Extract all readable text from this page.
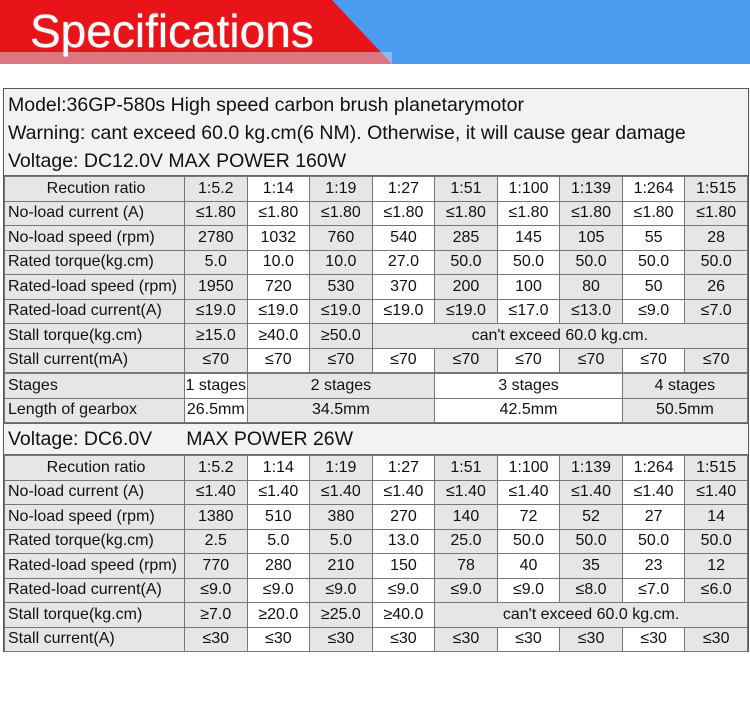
Specifications
Model:36GP-580s High speed carbon brush planetarymotor
Warning: cant exceed 60.0 kg.cm(6 NM). Otherwise, it will cause gear damage
Voltage: DC12.0V MAX POWER 160W
Recution ratio	1:5.2	1:14	1:19	1:27	1:51	1:100	1:139	1:264	1:515
No-load current (A)	≤1.80	≤1.80	≤1.80	≤1.80	≤1.80	≤1.80	≤1.80	≤1.80	≤1.80
No-load speed (rpm)	2780	1032	760	540	285	145	105	55	28
Rated torque(kg.cm)	5.0	10.0	10.0	27.0	50.0	50.0	50.0	50.0	50.0
Rated-load speed (rpm)	1950	720	530	370	200	100	80	50	26
Rated-load current(A)	≤19.0	≤19.0	≤19.0	≤19.0	≤19.0	≤17.0	≤13.0	≤9.0	≤7.0
Stall torque(kg.cm)	≥15.0	≥40.0	≥50.0	can't exceed 60.0 kg.cm.					
Stall current(mA)	≤70	≤70	≤70	≤70	≤70	≤70	≤70	≤70	≤70
Stages	1 stages	2 stages	3 stages	4 stages
Length of gearbox	26.5mm	34.5mm	42.5mm	50.5mm
Voltage: DC6.0V MAX POWER 26W
Recution ratio	1:5.2	1:14	1:19	1:27	1:51	1:100	1:139	1:264	1:515
No-load current (A)	≤1.40	≤1.40	≤1.40	≤1.40	≤1.40	≤1.40	≤1.40	≤1.40	≤1.40
No-load speed (rpm)	1380	510	380	270	140	72	52	27	14
Rated torque(kg.cm)	2.5	5.0	5.0	13.0	25.0	50.0	50.0	50.0	50.0
Rated-load speed (rpm)	770	280	210	150	78	40	35	23	12
Rated-load current(A)	≤9.0	≤9.0	≤9.0	≤9.0	≤9.0	≤9.0	≤8.0	≤7.0	≤6.0
Stall torque(kg.cm)	≥7.0	≥20.0	≥25.0	≥40.0	can't exceed 60.0 kg.cm.				
Stall current(A)	≤30	≤30	≤30	≤30	≤30	≤30	≤30	≤30	≤30
